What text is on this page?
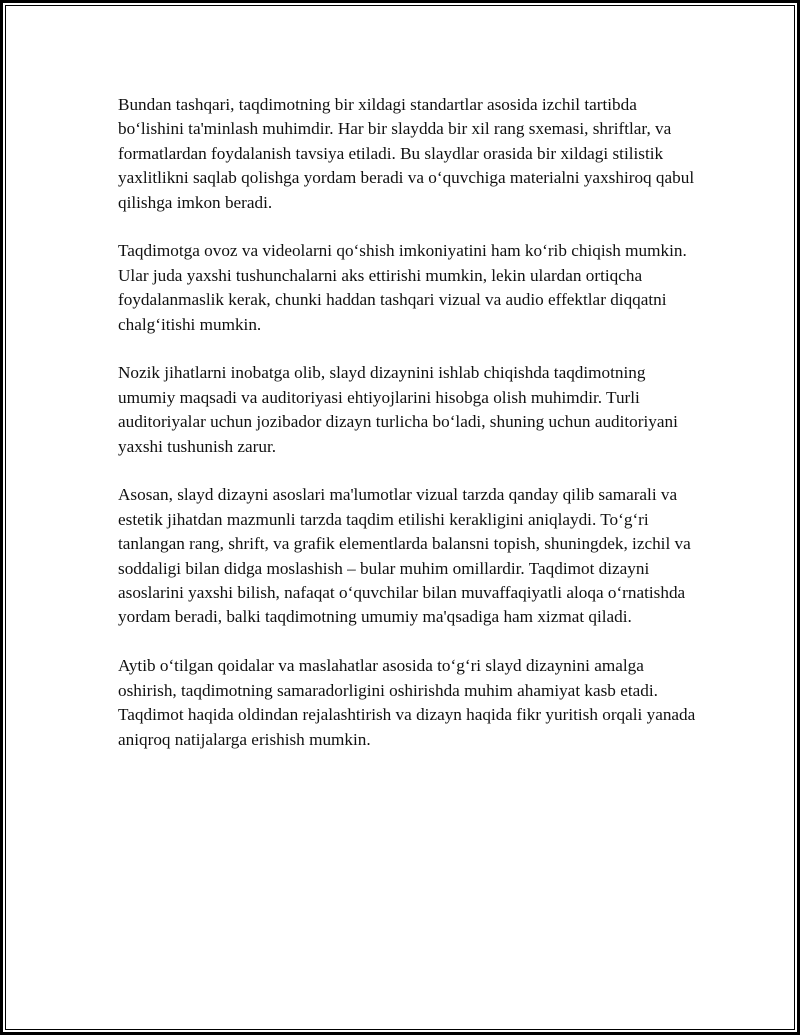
Bundan tashqari, taqdimotning bir xildagi standartlar asosida izchil tartibda bo‘lishini ta'minlash muhimdir. Har bir slaydda bir xil rang sxemasi, shriftlar, va formatlardan foydalanish tavsiya etiladi. Bu slaydlar orasida bir xildagi stilistik yaxlitlikni saqlab qolishga yordam beradi va o‘quvchiga materialni yaxshiroq qabul qilishga imkon beradi.

Taqdimotga ovoz va videolarni qo‘shish imkoniyatini ham ko‘rib chiqish mumkin. Ular juda yaxshi tushunchalarni aks ettirishi mumkin, lekin ulardan ortiqcha foydalanmaslik kerak, chunki haddan tashqari vizual va audio effektlar diqqatni chalg‘itishi mumkin.

Nozik jihatlarni inobatga olib, slayd dizaynini ishlab chiqishda taqdimotning umumiy maqsadi va auditoriyasi ehtiyojlarini hisobga olish muhimdir. Turli auditoriyalar uchun jozibador dizayn turlicha bo‘ladi, shuning uchun auditoriyani yaxshi tushunish zarur.

Asosan, slayd dizayni asoslari ma'lumotlar vizual tarzda qanday qilib samarali va estetik jihatdan mazmunli tarzda taqdim etilishi kerakligini aniqlaydi. To‘g‘ri tanlangan rang, shrift, va grafik elementlarda balansni topish, shuningdek, izchil va soddaligi bilan didga moslashish – bular muhim omillardir. Taqdimot dizayni asoslarini yaxshi bilish, nafaqat o‘quvchilar bilan muvaffaqiyatli aloqa o‘rnatishda yordam beradi, balki taqdimotning umumiy ma'qsadiga ham xizmat qiladi.

Aytib o‘tilgan qoidalar va maslahatlar asosida to‘g‘ri slayd dizaynini amalga oshirish, taqdimotning samaradorligini oshirishda muhim ahamiyat kasb etadi. Taqdimot haqida oldindan rejalashtirish va dizayn haqida fikr yuritish orqali yanada aniqroq natijalarga erishish mumkin.
